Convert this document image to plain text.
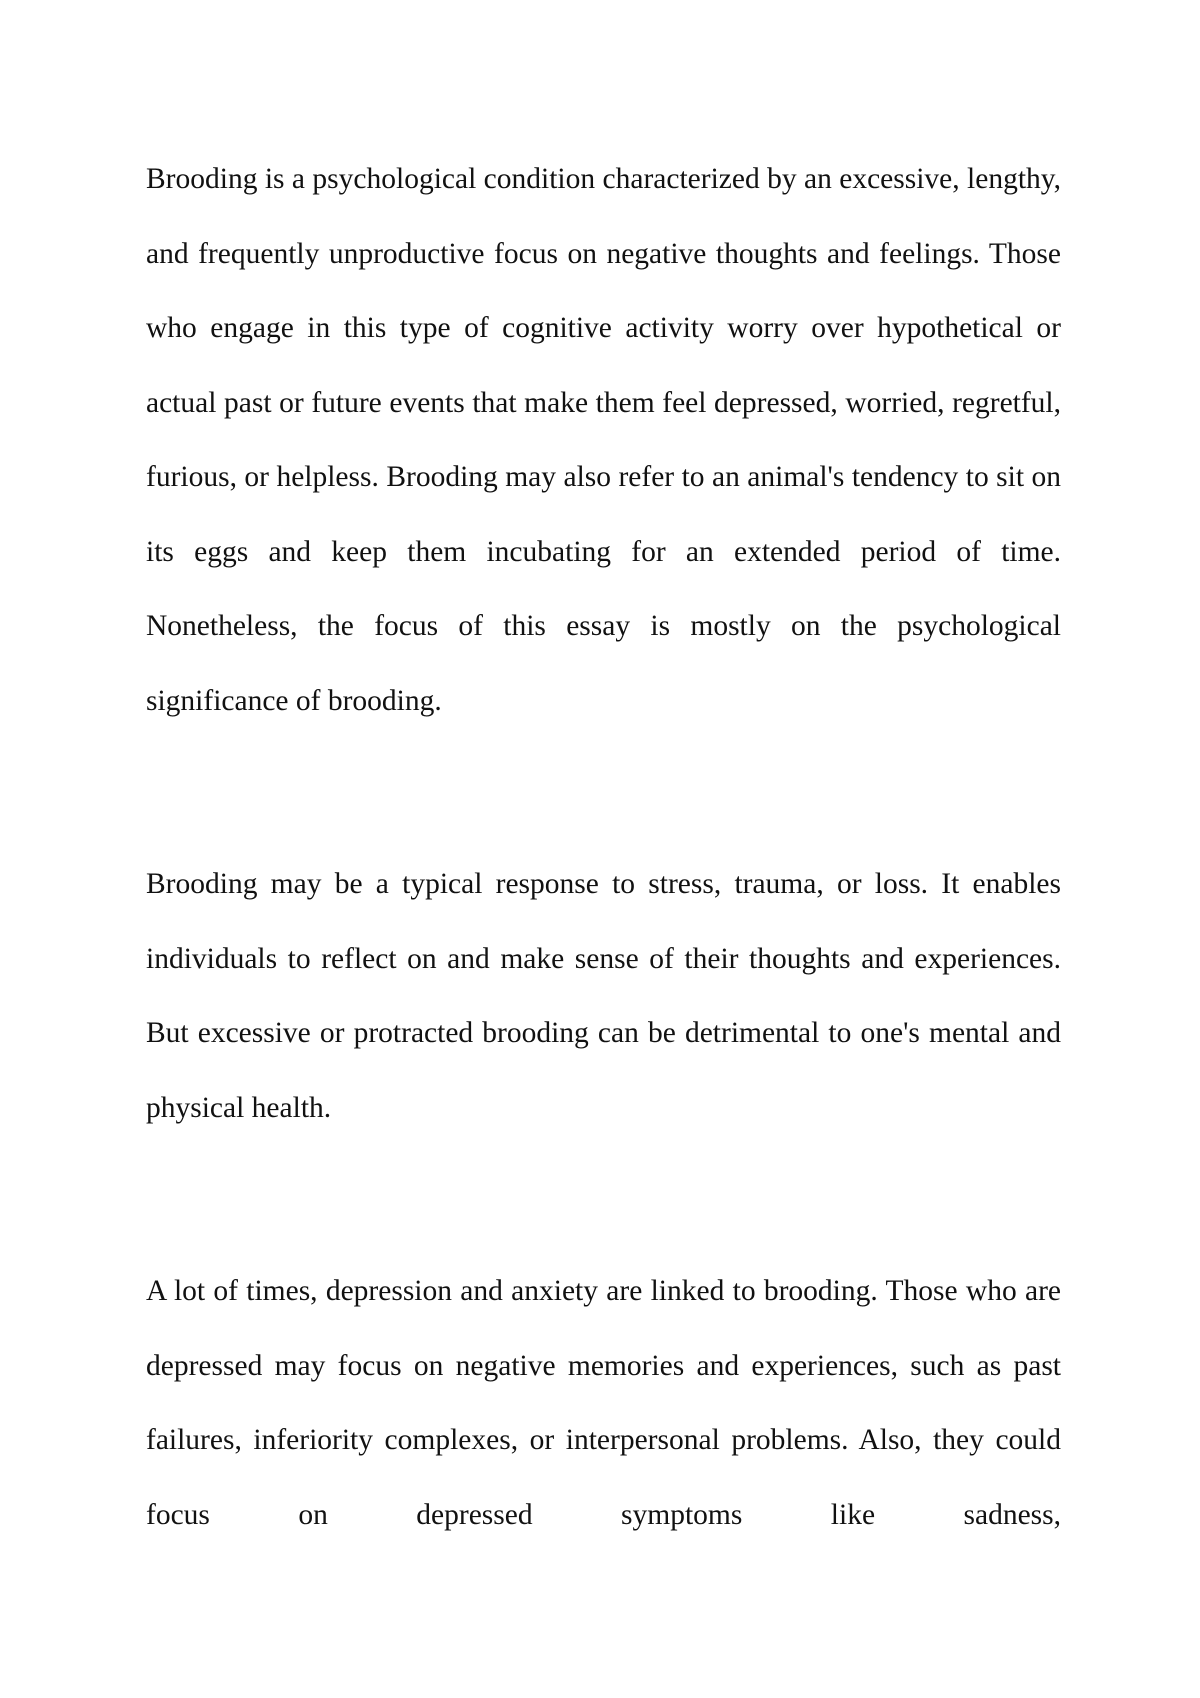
Brooding is a psychological condition characterized by an excessive, lengthy, and frequently unproductive focus on negative thoughts and feelings. Those who engage in this type of cognitive activity worry over hypothetical or actual past or future events that make them feel depressed, worried, regretful, furious, or helpless. Brooding may also refer to an animal's tendency to sit on its eggs and keep them incubating for an extended period of time. Nonetheless, the focus of this essay is mostly on the psychological significance of brooding.

Brooding may be a typical response to stress, trauma, or loss. It enables individuals to reflect on and make sense of their thoughts and experiences. But excessive or protracted brooding can be detrimental to one's mental and physical health.

A lot of times, depression and anxiety are linked to brooding. Those who are depressed may focus on negative memories and experiences, such as past failures, inferiority complexes, or interpersonal problems. Also, they could focus on depressed symptoms like sadness,
